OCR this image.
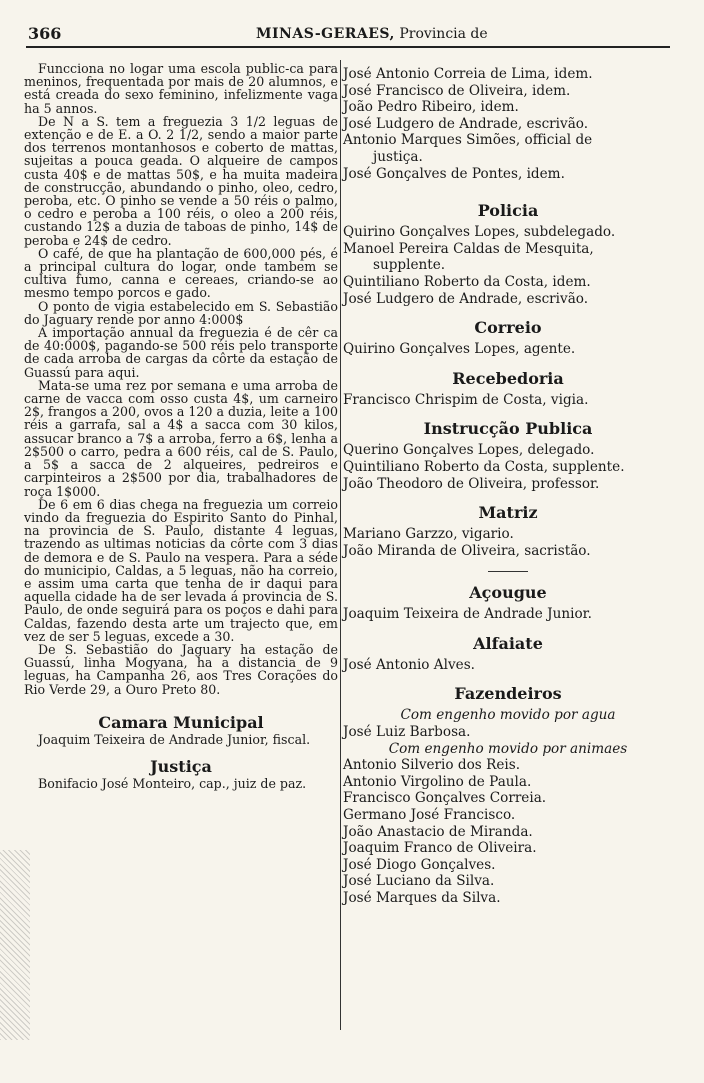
366	MINAS-GERAES, Provincia de

Funcciona no logar uma escola public-ca para meninos, frequentada por mais de 20 alumnos, e está creada do sexo feminino, infelizmente vaga ha 5 annos.

De N a S. tem a freguezia 3 1/2 leguas de extenção e de E. a O. 2 1/2, sendo a maior parte dos terrenos montanhosos e coberto de mattas, sujeitas a pouca geada. O alqueire de campos custa 40$ e de mattas 50$, e ha muita madeira de construcção, abundando o pinho, oleo, cedro, peroba, etc. O pinho se vende a 50 réis o palmo, o cedro e peroba a 100 réis, o oleo a 200 réis, custando 12$ a duzia de taboas de pinho, 14$ de peroba e 24$ de cedro.

O café, de que ha plantação de 600,000 pés, é a principal cultura do logar, onde tambem se cultiva fumo, canna e cereaes, criando-se ao mesmo tempo porcos e gado.

O ponto de vigia estabelecido em S. Sebastião do Jaguary rende por anno 4:000$

A importação annual da freguezia é de cêr ca de 40:000$, pagando-se 500 réis pelo transporte de cada arroba de cargas da côrte da estação de Guassú para aqui.

Mata-se uma rez por semana e uma arroba de carne de vacca com osso custa 4$, um carneiro 2$, frangos a 200, ovos a 120 a duzia, leite a 100 réis a garrafa, sal a 4$ a sacca com 30 kilos, assucar branco a 7$ a arroba, ferro a 6$, lenha a 2$500 o carro, pedra a 600 réis, cal de S. Paulo, a 5$ a sacca de 2 alqueires, pedreiros e carpinteiros a 2$500 por dia, trabalhadores de roça 1$000.

De 6 em 6 dias chega na freguezia um correio vindo da freguezia do Espirito Santo do Pinhal, na provincia de S. Paulo, distante 4 leguas, trazendo as ultimas noticias da côrte com 3 dias de demora e de S. Paulo na vespera. Para a séde do municipio, Caldas, a 5 leguas, não ha correio, e assim uma carta que tenha de ir daqui para aquella cidade ha de ser levada á provincia de S. Paulo, de onde seguirá para os poços e dahi para Caldas, fazendo desta arte um trajecto que, em vez de ser 5 leguas, excede a 30.

De S. Sebastião do Jaguary ha estação de Guassú, linha Mogyana, ha a distancia de 9 leguas, ha Campanha 26, aos Tres Corações do Rio Verde 29, a Ouro Preto 80.

Camara Municipal

Joaquim Teixeira de Andrade Junior, fiscal.

Justiça

Bonifacio José Monteiro, cap., juiz de paz.

José Antonio Correia de Lima, idem.
José Francisco de Oliveira, idem.
João Pedro Ribeiro, idem.
José Ludgero de Andrade, escrivão.
Antonio Marques Simões, official de
justiça.
José Gonçalves de Pontes, idem.
Policia
Quirino Gonçalves Lopes, subdelegado.
Manoel Pereira Caldas de Mesquita,
supplente.
Quintiliano Roberto da Costa, idem.
José Ludgero de Andrade, escrivão.
Correio
Quirino Gonçalves Lopes, agente.
Recebedoria
Francisco Chrispim de Costa, vigia.
Instrucção Publica
Querino Gonçalves Lopes, delegado.
Quintiliano Roberto da Costa, supplente.
João Theodoro de Oliveira, professor.
Matriz
Mariano Garzzo, vigario.
João Miranda de Oliveira, sacristão.
Açougue
Joaquim Teixeira de Andrade Junior.
Alfaiate
José Antonio Alves.
Fazendeiros
Com engenho movido por agua
José Luiz Barbosa.
Com engenho movido por animaes
Antonio Silverio dos Reis.
Antonio Virgolino de Paula.
Francisco Gonçalves Correia.
Germano José Francisco.
João Anastacio de Miranda.
Joaquim Franco de Oliveira.
José Diogo Gonçalves.
José Luciano da Silva.
José Marques da Silva.
